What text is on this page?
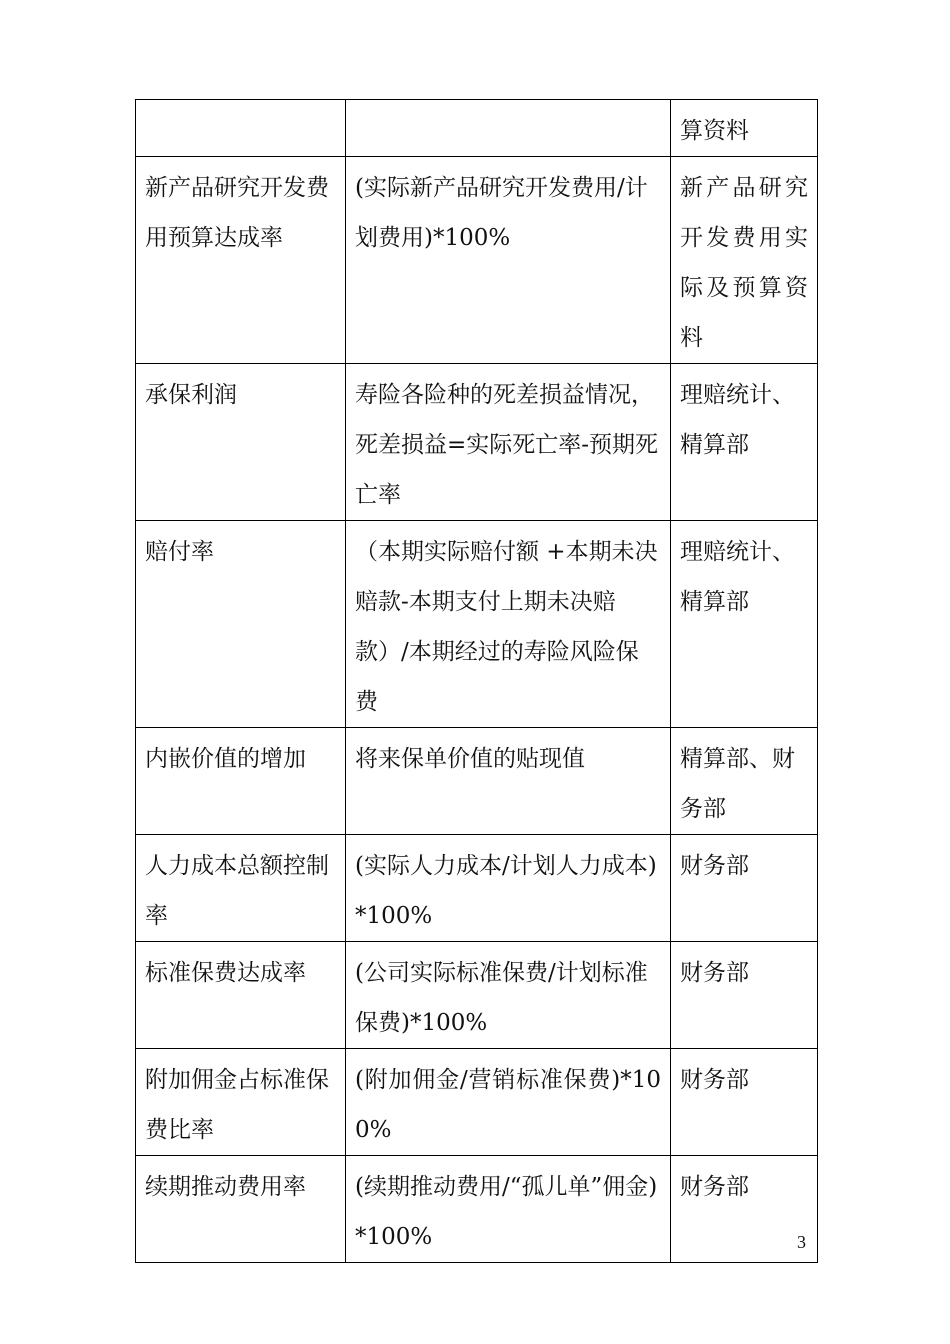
		算资料
新产品研究开发费用预算达成率	(实际新产品研究开发费用/计划费用)*100%	新产品研究开发费用实际及预算资料
承保利润	寿险各险种的死差损益情况，死差损益=实际死亡率-预期死亡率	理赔统计、精算部
赔付率	（本期实际赔付额 +本期未决赔款-本期支付上期未决赔款）/本期经过的寿险风险保费	理赔统计、精算部
内嵌价值的增加	将来保单价值的贴现值	精算部、财务部
人力成本总额控制率	(实际人力成本/计划人力成本)*100%	财务部
标准保费达成率	(公司实际标准保费/计划标准保费)*100%	财务部
附加佣金占标准保费比率	(附加佣金/营销标准保费)*100%	财务部
续期推动费用率	(续期推动费用/“孤儿单”佣金)*100%	财务部
3
